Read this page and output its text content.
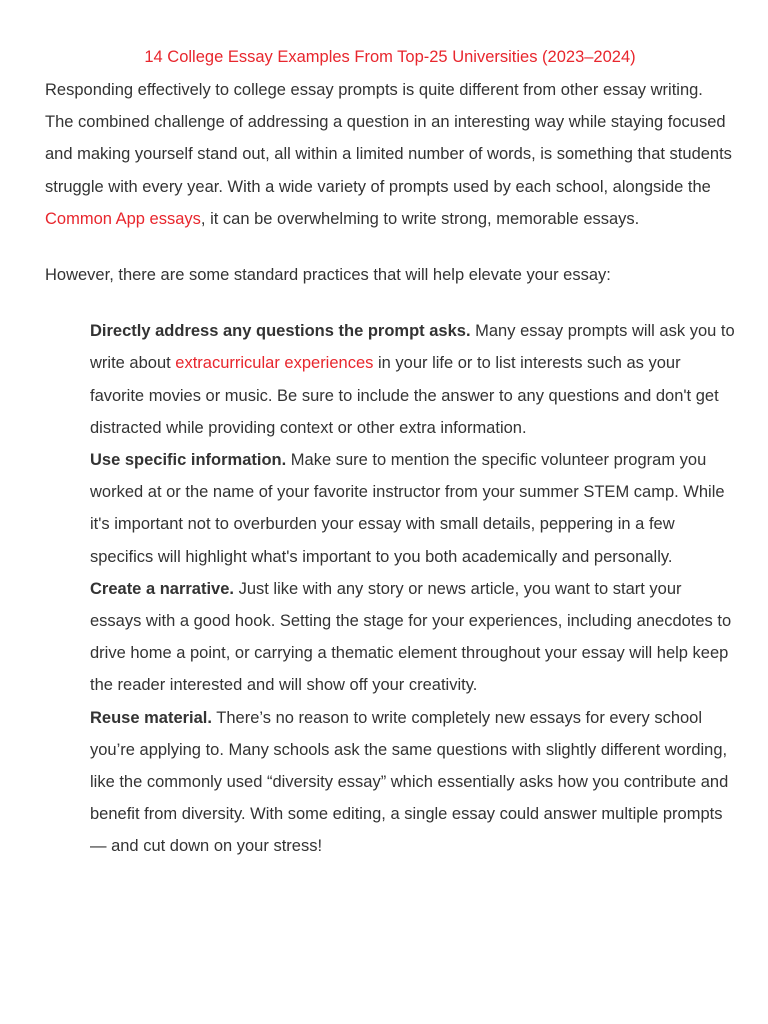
14 College Essay Examples From Top-25 Universities (2023–2024)

Responding effectively to college essay prompts is quite different from other essay writing. The combined challenge of addressing a question in an interesting way while staying focused and making yourself stand out, all within a limited number of words, is something that students struggle with every year. With a wide variety of prompts used by each school, alongside the Common App essays, it can be overwhelming to write strong, memorable essays.

However, there are some standard practices that will help elevate your essay:

Directly address any questions the prompt asks. Many essay prompts will ask you to write about extracurricular experiences in your life or to list interests such as your favorite movies or music. Be sure to include the answer to any questions and don't get distracted while providing context or other extra information.

Use specific information. Make sure to mention the specific volunteer program you worked at or the name of your favorite instructor from your summer STEM camp. While it's important not to overburden your essay with small details, peppering in a few specifics will highlight what's important to you both academically and personally.

Create a narrative. Just like with any story or news article, you want to start your essays with a good hook. Setting the stage for your experiences, including anecdotes to drive home a point, or carrying a thematic element throughout your essay will help keep the reader interested and will show off your creativity.

Reuse material. There’s no reason to write completely new essays for every school you’re applying to. Many schools ask the same questions with slightly different wording, like the commonly used “diversity essay” which essentially asks how you contribute and benefit from diversity. With some editing, a single essay could answer multiple prompts — and cut down on your stress!
